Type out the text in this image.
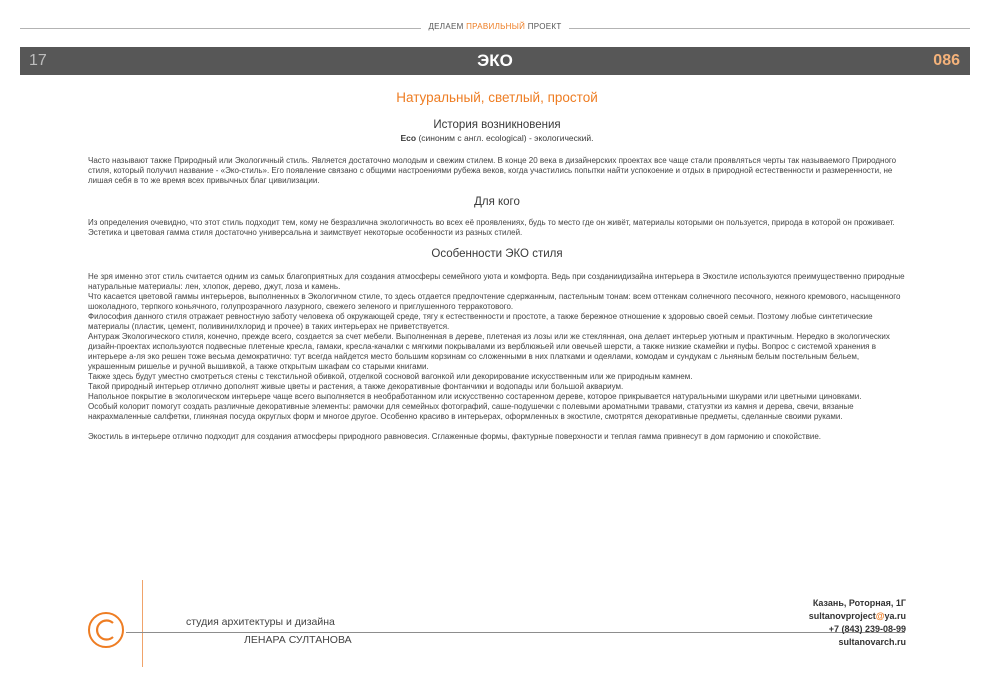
ДЕЛАЕМ ПРАВИЛЬНЫЙ ПРОЕКТ
17	ЭКО	086
Натуральный, светлый, простой
История возникновения
Eco (синоним с англ. ecological) - экологический.

Часто называют также Природный или Экологичный стиль. Является достаточно молодым и свежим стилем. В конце 20 века в дизайнерских проектах все чаще стали проявляться черты так называемого Природного стиля, который получил название - «Эко-стиль». Его появление связано с общими настроениями рубежа веков, когда участились попытки найти успокоение и отдых в природной естественности и размеренности, не лишая себя в то же время всех привычных благ цивилизации.

Для кого

Из определения очевидно, что этот стиль подходит тем, кому не безразлична экологичность во всех её проявлениях, будь то место где он живёт, материалы которыми он пользуется, природа в которой он проживает. Эстетика и цветовая гамма стиля достаточно универсальна и заимствует некоторые особенности из разных стилей.

Особенности ЭКО стиля

Не зря именно этот стиль считается одним из самых благоприятных для создания атмосферы семейного уюта и комфорта. Ведь при созданиидизайна интерьера в Экостиле используются преимущественно природные натуральные материалы: лен, хлопок, дерево, джут, лоза и камень.

Что касается цветовой гаммы интерьеров, выполненных в Экологичном стиле, то здесь отдается предпочтение сдержанным, пастельным тонам: всем оттенкам солнечного песочного, нежного кремового, насыщенного шоколадного, терпкого коньячного, голупрозрачного лазурного, свежего зеленого и приглушенного терракотового.

Философия данного стиля отражает ревностную заботу человека об окружающей среде, тягу к естественности и простоте, а также бережное отношение к здоровью своей семьи. Поэтому любые синтетические материалы (пластик, цемент, поливинилхлорид и прочее) в таких интерьерах не приветствуется.

Антураж Экологического стиля, конечно, прежде всего, создается за счет мебели. Выполненная в дереве, плетеная из лозы или же стеклянная, она делает интерьер уютным и практичным. Нередко в экологических дизайн-проектах используются подвесные плетеные кресла, гамаки, кресла-качалки с мягкими покрывалами из верблюжьей или овечьей шерсти, а также низкие скамейки и пуфы. Вопрос с системой хранения в интерьере а-ля эко решен тоже весьма демократично: тут всегда найдется место большим корзинам со сложенными в них платками и одеялами, комодам и сундукам с льняным белым постельным бельем, украшенным ришелье и ручной вышивкой, а также открытым шкафам со старыми книгами.

Также здесь будут уместно смотреться стены с текстильной обивкой, отделкой сосновой вагонкой или декорирование искусственным или же природным камнем.

Такой природный интерьер отлично дополнят живые цветы и растения, а также декоративные фонтанчики и водопады или большой аквариум.

Напольное покрытие в экологическом интерьере чаще всего выполняется в необработанном или искусственно состаренном дереве, которое прикрывается натуральными шкурами или цветными циновками.

Особый колорит помогут создать различные декоративные элементы: рамочки для семейных фотографий, саше-подушечки с полевыми ароматными травами, статуэтки из камня и дерева, свечи, вязаные накрахмаленные салфетки, глиняная посуда округлых форм и многое другое. Особенно красиво в интерьерах, оформленных в экостиле, смотрятся декоративные предметы, сделанные своими руками.

Экостиль в интерьере отлично подходит для создания атмосферы природного равновесия. Сглаженные формы, фактурные поверхности и теплая гамма привнесут в дом гармонию и спокойствие.

студия архитектуры и дизайна
ЛЕНАРА СУЛТАНОВА
Казань, Роторная, 1Г
sultanovproject@ya.ru
+7 (843) 239-08-99
sultanovarch.ru
